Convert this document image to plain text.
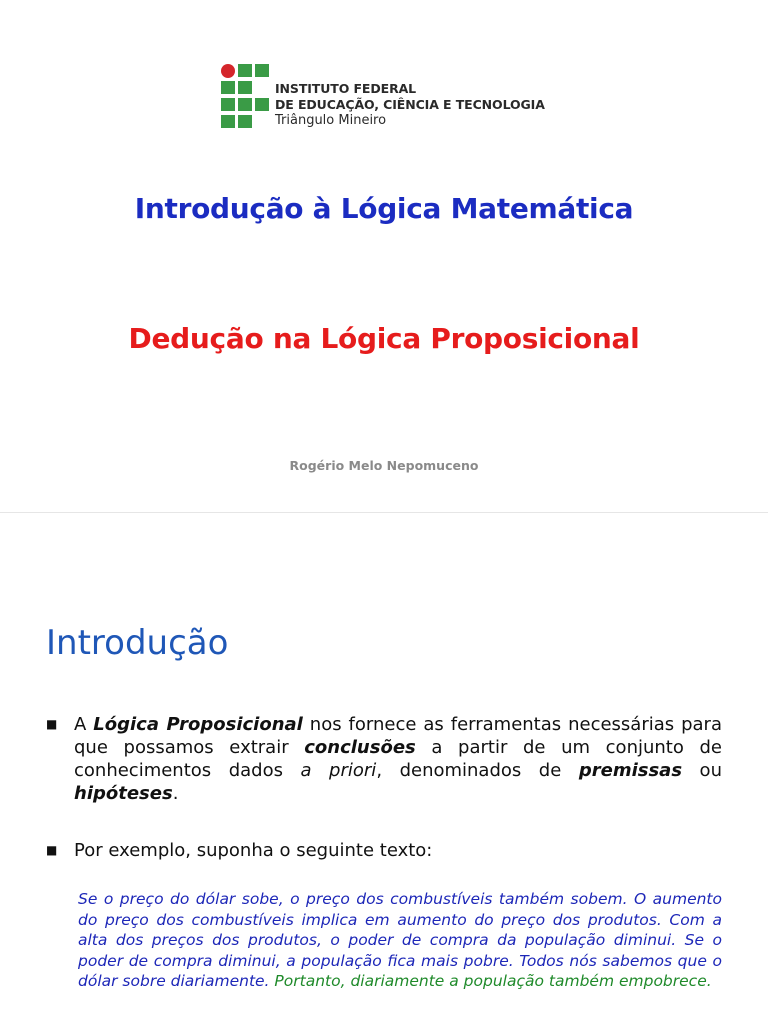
INSTITUTO FEDERAL
DE EDUCAÇÃO, CIÊNCIA E TECNOLOGIA
Triângulo Mineiro
Introdução à Lógica Matemática
Dedução na Lógica Proposicional
Rogério Melo Nepomuceno
Introdução
■ A Lógica Proposicional nos fornece as ferramentas necessárias para que possamos extrair conclusões a partir de um conjunto de conhecimentos dados a priori, denominados de premissas ou hipóteses.
■ Por exemplo, suponha o seguinte texto:
Se o preço do dólar sobe, o preço dos combustíveis também sobem. O aumento do preço dos combustíveis implica em aumento do preço dos produtos. Com a alta dos preços dos produtos, o poder de compra da população diminui. Se o poder de compra diminui, a população fica mais pobre. Todos nós sabemos que o dólar sobre diariamente. Portanto, diariamente a população também empobrece.
